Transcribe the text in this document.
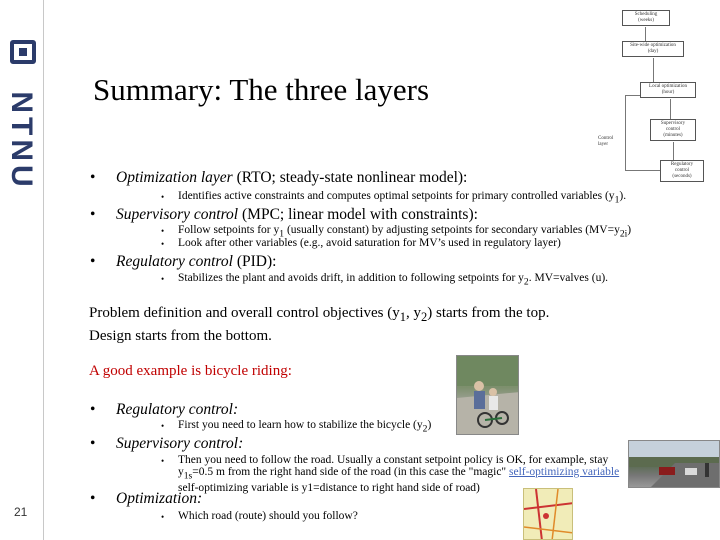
NTNU
21
Summary: The three layers
Scheduling
(weeks)
Site-wide optimization
(day)
Local optimization
(hour)
Supervisory
control
(minutes)
Regulatory
control
(seconds)
Control
layer
• Optimization layer (RTO; steady-state nonlinear model):
• Identifies active constraints and computes optimal setpoints for primary controlled variables $(y_1)$.
• Supervisory control (MPC; linear model with constraints):
• Follow setpoints for $y_1$ (usually constant) by adjusting setpoints for secondary variables $(MV=y_{2i})$
• Look after other variables (e.g., avoid saturation for MV’s used in regulatory layer)
• Regulatory control (PID):
• Stabilizes the plant and avoids drift, in addition to following setpoints for $y_2$. MV=valves (u).
Problem definition and overall control objectives ($y_1$, $y_2$) starts from the top.
Design starts from the bottom.
A good example is bicycle riding:
• Regulatory control:
• First you need to learn how to stabilize the bicycle $(y_2)$
• Supervisory control:
• Then you need to follow the road. Usually a constant setpoint policy is OK, for example, stay
$y_{1s}=0.5$ m from the right hand side of the road (in this case the "magic" self-optimizing variable
self-optimizing variable is y1=distance to right hand side of road)
• Optimization:
• Which road (route) should you follow?
